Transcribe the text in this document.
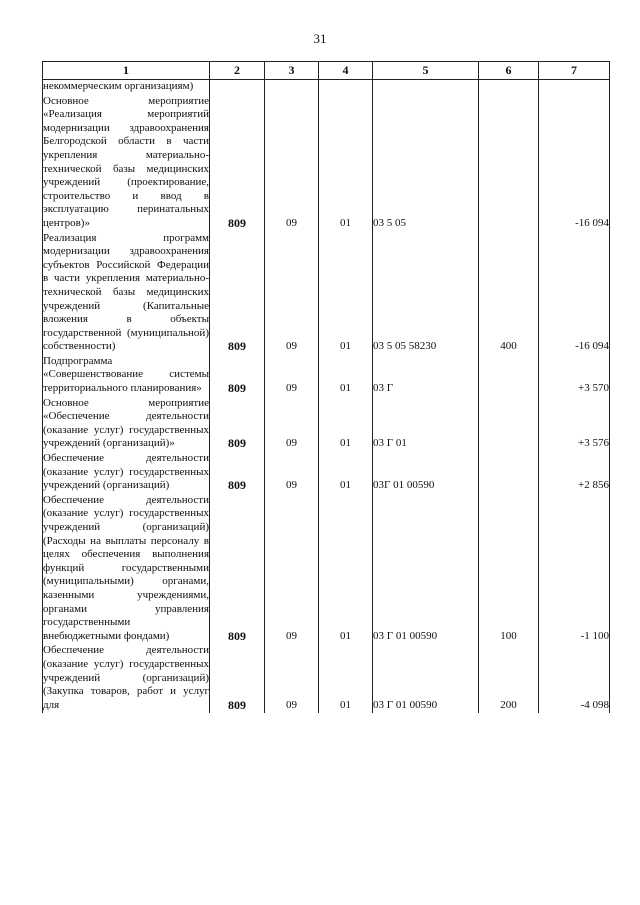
31
1	2	3	4	5	6	7
некоммерческим организациям)						
Основное мероприятие «Реализация мероприятий модернизации здравоохранения Белгородской области в части укрепления материально-технической базы медицинских учреждений (проектирование, строительство и ввод в эксплуатацию перинатальных центров)»	809	09	01	03 5 05		-16 094
Реализация программ модернизации здравоохранения субъектов Российской Федерации в части укрепления материально-технической базы медицинских учреждений (Капитальные вложения в объекты государственной (муниципальной) собственности)	809	09	01	03 5 05 58230	400	-16 094
Подпрограмма «Совершенствование системы территориального планирования»	809	09	01	03 Г		+3 570
Основное мероприятие «Обеспечение деятельности (оказание услуг) государственных учреждений (организаций)»	809	09	01	03 Г 01		+3 576
Обеспечение деятельности (оказание услуг) государственных учреждений (организаций)	809	09	01	03Г 01 00590		+2 856
Обеспечение деятельности (оказание услуг) государственных учреждений (организаций) (Расходы на выплаты персоналу в целях обеспечения выполнения функций государственными (муниципальными) органами, казенными учреждениями, органами управления государственными внебюджетными фондами)	809	09	01	03 Г 01 00590	100	-1 100
Обеспечение деятельности (оказание услуг) государственных учреждений (организаций) (Закупка товаров, работ и услуг для	809	09	01	03 Г 01 00590	200	-4 098
